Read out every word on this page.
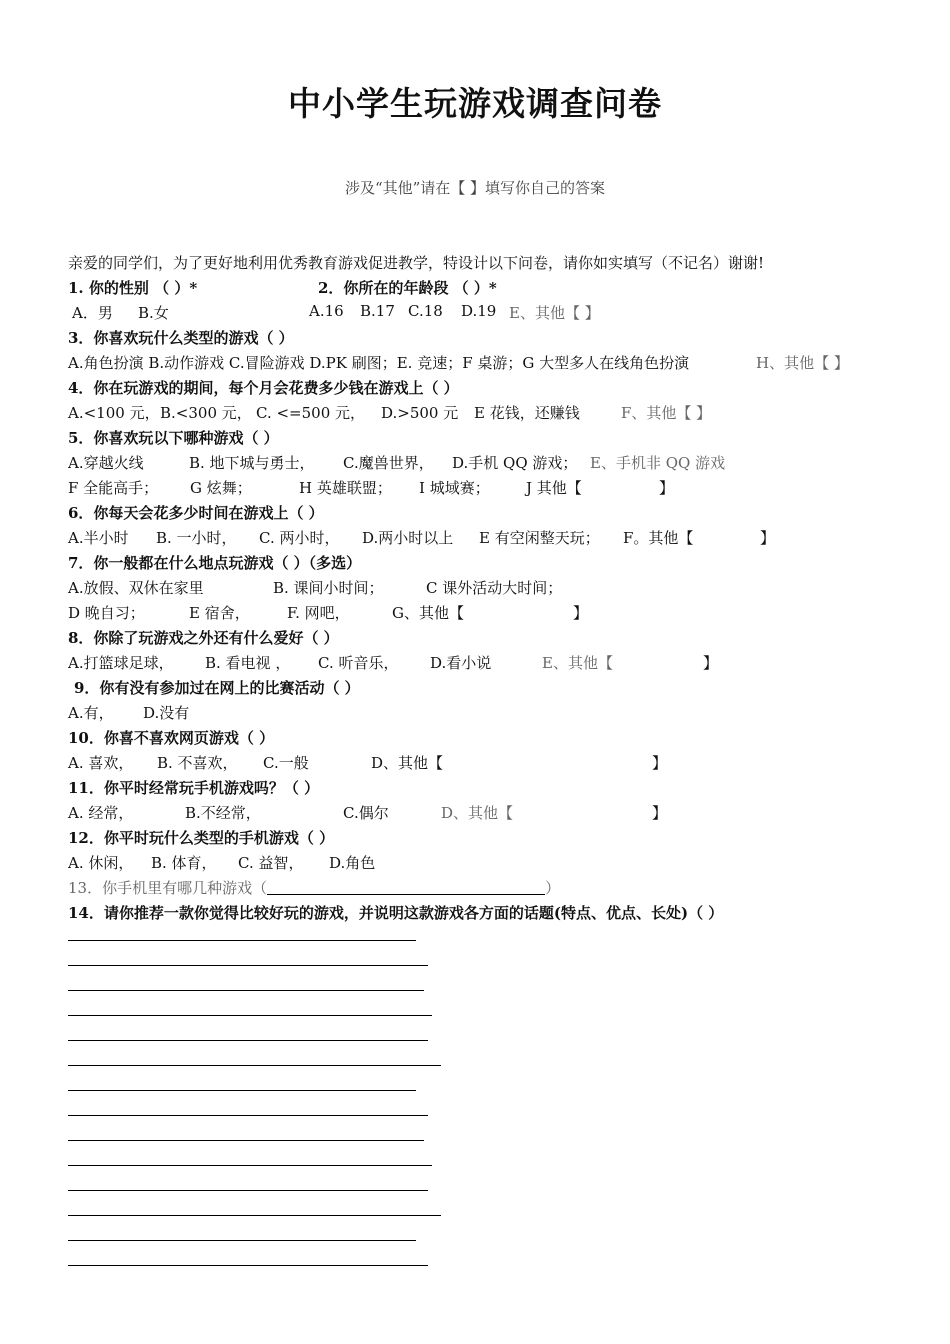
中小学生玩游戏调查问卷
涉及“其他”请在【 】填写你自己的答案
亲爱的同学们，为了更好地利用优秀教育游戏促进教学，特设计以下问卷，请你如实填写（不记名）谢谢!
1. 你的性别 （ ）*	2．你所在的年龄段 （ ）*
A．男 B.女	A.16 B.17 C.18 D.19 E、其他【 】
3．你喜欢玩什么类型的游戏（ ）
A.角色扮演 B.动作游戏 C.冒险游戏 D.PK 刷图；E. 竞速；F 桌游；G 大型多人在线角色扮演	H、其他【 】
4．你在玩游戏的期间，每个月会花费多少钱在游戏上（ ）
A.<100 元， B.<300 元， C. <=500 元， D.>500 元 E 花钱，还赚钱	F、其他【 】
5．你喜欢玩以下哪种游戏（ ）
A.穿越火线	B. 地下城与勇士， C.魔兽世界， D.手机 QQ 游戏； E、手机非 QQ 游戏
F 全能高手； G 炫舞；	H 英雄联盟； I 城域赛； J 其他【	】
6．你每天会花多少时间在游戏上（ ）
A.半小时 B. 一小时， C. 两小时， D.两小时以上 E 有空闲整天玩； F。其他【	】
7．你一般都在什么地点玩游戏（ ）（多选）
A.放假、双休在家里	B. 课间小时间；	C 课外活动大时间；
D 晚自习；	E 宿舍， F. 网吧，	G、其他【	】
8．你除了玩游戏之外还有什么爱好（ ）
A.打篮球足球， B. 看电视 ， C. 听音乐， D.看小说	E、其他【	】
9．你有没有参加过在网上的比赛活动（ ）
A.有， D.没有
10．你喜不喜欢网页游戏（ ）
A. 喜欢， B. 不喜欢， C.一般	D、其他【	】
11．你平时经常玩手机游戏吗？（ ）
A. 经常，	B.不经常，	C.偶尔	D、其他【	】
12．你平时玩什么类型的手机游戏（ ）
A. 休闲， B. 体育， C. 益智， D.角色
13．你手机里有哪几种游戏（	）
14．请你推荐一款你觉得比较好玩的游戏，并说明这款游戏各方面的话题(特点、优点、长处)（ ）
